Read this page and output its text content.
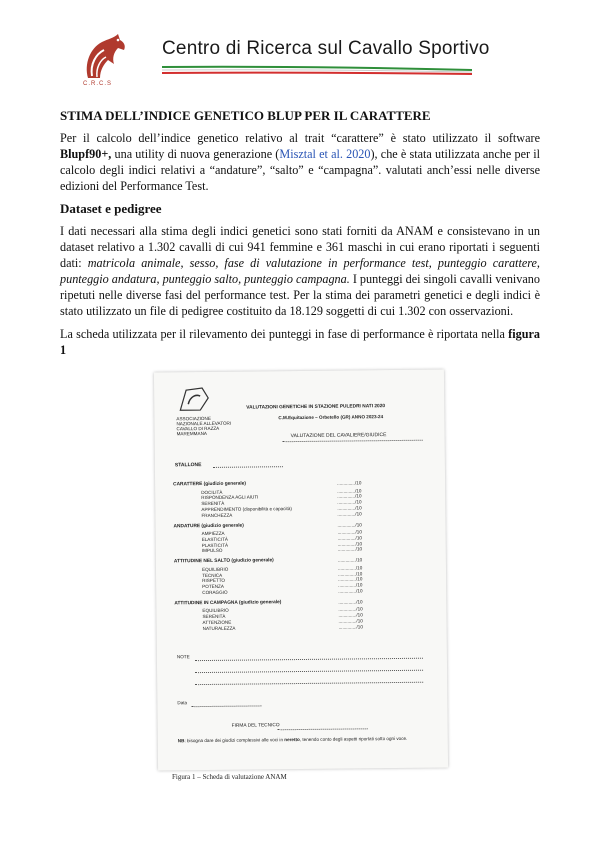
C.R.C.S
Centro di Ricerca sul Cavallo Sportivo
STIMA DELL’INDICE GENETICO BLUP PER IL CARATTERE

Per il calcolo dell’indice genetico relativo al trait “carattere” è stato utilizzato il software Blupf90+, una utility di nuova generazione (Misztal et al. 2020), che è stata utilizzata anche per il calcolo degli indici relativi a “andature”, “salto” e “campagna”. valutati anch’essi nelle diverse edizioni del Performance Test.

Dataset e pedigree

I dati necessari alla stima degli indici genetici sono stati forniti da ANAM e consistevano in un dataset relativo a 1.302 cavalli di cui 941 femmine e 361 maschi in cui erano riportati i seguenti dati: matricola animale, sesso, fase di valutazione in performance test, punteggio carattere, punteggio andatura, punteggio salto, punteggio campagna. I punteggi dei singoli cavalli venivano ripetuti nelle diverse fasi del performance test. Per la stima dei parametri genetici e degli indici è stato utilizzato un file di pedigree costituito da 18.129 soggetti di cui 1.302 con osservazioni.

La scheda utilizzata per il rilevamento dei punteggi in fase di performance è riportata nella figura 1

ASSOCIAZIONE
NAZIONALE ALLEVATORI
CAVALLO DI RAZZA
MAREMMANA
VALUTAZIONI GENETICHE IN STAZIONE PULEDRI NATI 2020
C.M.Equitazione – Orbetello (GR) ANNO 2023-24
VALUTAZIONE DEL CAVALIERE/GIUDICE
STALLONE
CARATTERE (giudizio generale)	............../10
DOCILITÀ	............../10
RISPONDENZA AGLI AIUTI	............../10
SERENITÀ	............../10
APPRENDIMENTO (disponibilità e capacità)	............../10
FRANCHEZZA	............../10
ANDATURE (giudizio generale)	............../10
AMPIEZZA	............../10
ELASTICITÀ	............../10
PLASTICITÀ	............../10
IMPULSO	............../10
ATTITUDINE NEL SALTO (giudizio generale)	............../10
EQUILIBRIO	............../10
TECNICA	............../10
RISPETTO	............../10
POTENZA	............../10
CORAGGIO	............../10
ATTITUDINE IN CAMPAGNA (giudizio generale)	............../10
EQUILIBRIO	............../10
SERENITÀ	............../10
ATTENZIONE	............../10
NATURALEZZA	............../10
NOTE
Data
FIRMA DEL TECNICO
NB: bisogna dare dei giudizi complessivi alle voci in neretto, tenendo conto degli aspetti riportati sotto ogni voce.
Figura 1 – Scheda di valutazione ANAM
